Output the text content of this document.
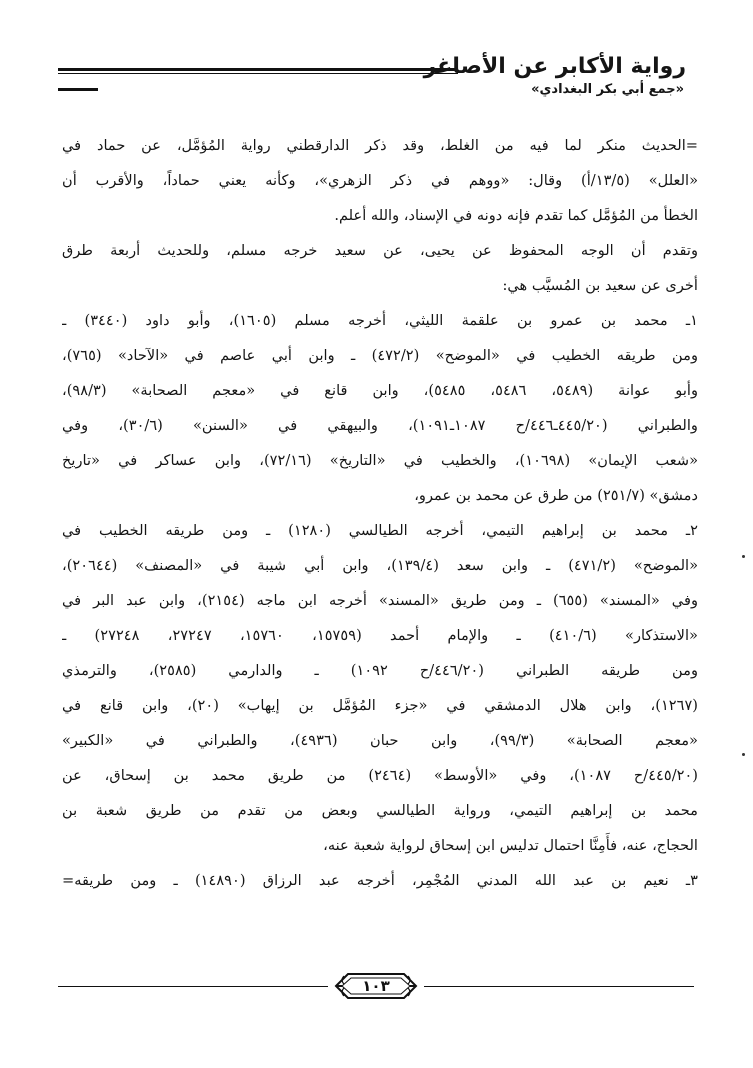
رواية الأكابر عن الأصاغر
«جمع أبي بكر البغدادي»
=الحديث منكر لما فيه من الغلط، وقد ذكر الدارقطني رواية المُؤمَّل، عن حماد في
«العلل» (١٣/٥/أ) وقال: «ووهم في ذكر الزهري»، وكأنه يعني حماداً، والأقرب أن
الخطأ من المُؤمَّل كما تقدم فإنه دونه في الإسناد، والله أعلم.
وتقدم أن الوجه المحفوظ عن يحيى، عن سعيد خرجه مسلم، وللحديث أربعة طرق
أخرى عن سعيد بن المُسيَّب هي:
١ـ محمد بن عمرو بن علقمة الليثي، أخرجه مسلم (١٦٠٥)، وأبو داود (٣٤٤٠) ـ
ومن طريقه الخطيب في «الموضح» (٤٧٢/٢) ـ وابن أبي عاصم في «الآحاد» (٧٦٥)،
وأبو عوانة (٥٤٨٩، ٥٤٨٦، ٥٤٨٥)، وابن قانع في «معجم الصحابة» (٩٨/٣)،
والطبراني (٤٤٥/٢٠ـ٤٤٦/ح ١٠٨٧ـ١٠٩١)، والبيهقي في «السنن» (٣٠/٦)، وفي
«شعب الإيمان» (١٠٦٩٨)، والخطيب في «التاريخ» (٧٢/١٦)، وابن عساكر في «تاريخ
دمشق» (٢٥١/٧) من طرق عن محمد بن عمرو،
٢ـ محمد بن إبراهيم التيمي، أخرجه الطيالسي (١٢٨٠) ـ ومن طريقه الخطيب في
«الموضح» (٤٧١/٢) ـ وابن سعد (١٣٩/٤)، وابن أبي شيبة في «المصنف» (٢٠٦٤٤)،
وفي «المسند» (٦٥٥) ـ ومن طريق «المسند» أخرجه ابن ماجه (٢١٥٤)، وابن عبد البر في
«الاستذكار» (٤١٠/٦) ـ والإمام أحمد (١٥٧٥٩، ١٥٧٦٠، ٢٧٢٤٧، ٢٧٢٤٨) ـ
ومن طريقه الطبراني (٤٤٦/٢٠/ح ١٠٩٢) ـ والدارمي (٢٥٨٥)، والترمذي
(١٢٦٧)، وابن هلال الدمشقي في «جزء المُؤمَّل بن إيهاب» (٢٠)، وابن قانع في
«معجم الصحابة» (٩٩/٣)، وابن حبان (٤٩٣٦)، والطبراني في «الكبير»
(٤٤٥/٢٠/ح ١٠٨٧)، وفي «الأوسط» (٢٤٦٤) من طريق محمد بن إسحاق، عن
محمد بن إبراهيم التيمي، ورواية الطيالسي وبعض من تقدم من طريق شعبة بن
الحجاج، عنه، فأَمِنَّا احتمال تدليس ابن إسحاق لرواية شعبة عنه،
٣ـ نعيم بن عبد الله المدني المُجْمِر، أخرجه عبد الرزاق (١٤٨٩٠) ـ ومن طريقه=
١٠٣
